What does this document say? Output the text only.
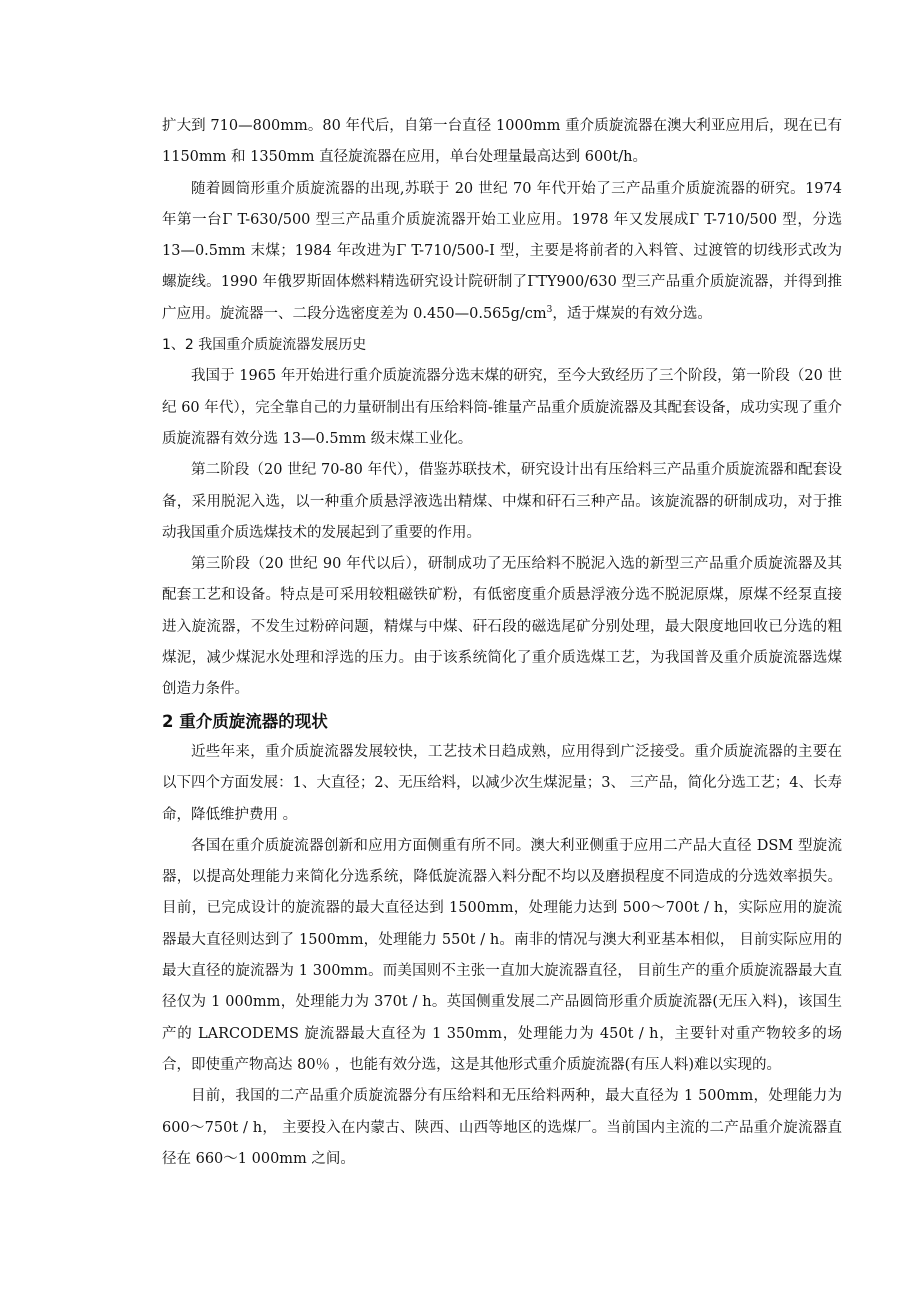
扩大到 710—800mm。80 年代后，自第一台直径 1000mm 重介质旋流器在澳大利亚应用后，现在已有 1150mm 和 1350mm 直径旋流器在应用，单台处理量最高达到 600t/h。

随着圆筒形重介质旋流器的出现,苏联于 20 世纪 70 年代开始了三产品重介质旋流器的研究。1974 年第一台Γ T-630/500 型三产品重介质旋流器开始工业应用。1978 年又发展成Γ T-710/500 型，分选 13—0.5mm 末煤；1984 年改进为Γ T-710/500-I 型，主要是将前者的入料管、过渡管的切线形式改为螺旋线。1990 年俄罗斯固体燃料精选研究设计院研制了ΓTY900/630 型三产品重介质旋流器，并得到推广应用。旋流器一、二段分选密度差为 $0.450—0.565g/cm^3$，适于煤炭的有效分选。

1、2 我国重介质旋流器发展历史

我国于 1965 年开始进行重介质旋流器分选末煤的研究，至今大致经历了三个阶段，第一阶段（20 世纪 60 年代），完全靠自己的力量研制出有压给料筒-锥量产品重介质旋流器及其配套设备，成功实现了重介质旋流器有效分选 13—0.5mm 级末煤工业化。

第二阶段（20 世纪 70-80 年代），借鉴苏联技术，研究设计出有压给料三产品重介质旋流器和配套设备，采用脱泥入选，以一种重介质悬浮液选出精煤、中煤和矸石三种产品。该旋流器的研制成功，对于推动我国重介质选煤技术的发展起到了重要的作用。

第三阶段（20 世纪 90 年代以后），研制成功了无压给料不脱泥入选的新型三产品重介质旋流器及其配套工艺和设备。特点是可采用较粗磁铁矿粉，有低密度重介质悬浮液分选不脱泥原煤，原煤不经泵直接进入旋流器，不发生过粉碎问题，精煤与中煤、矸石段的磁选尾矿分别处理，最大限度地回收已分选的粗煤泥，减少煤泥水处理和浮选的压力。由于该系统简化了重介质选煤工艺，为我国普及重介质旋流器选煤创造力条件。

2 重介质旋流器的现状

近些年来，重介质旋流器发展较快，工艺技术日趋成熟，应用得到广泛接受。重介质旋流器的主要在以下四个方面发展：1、大直径；2、无压给料，以减少次生煤泥量；3、 三产品，简化分选工艺；4、长寿命，降低维护费用 。

各国在重介质旋流器创新和应用方面侧重有所不同。澳大利亚侧重于应用二产品大直径 DSM 型旋流器，以提高处理能力来简化分选系统，降低旋流器入料分配不均以及磨损程度不同造成的分选效率损失。目前，已完成设计的旋流器的最大直径达到 1500mm，处理能力达到 500～700t / h，实际应用的旋流器最大直径则达到了 1500mm，处理能力 550t / h。南非的情况与澳大利亚基本相似， 目前实际应用的最大直径的旋流器为 1 300mm。而美国则不主张一直加大旋流器直径， 目前生产的重介质旋流器最大直径仅为 1 000mm，处理能力为 370t / h。英国侧重发展二产品圆筒形重介质旋流器(无压入料)，该国生产的 LARCODEMS 旋流器最大直径为 1 350mm，处理能力为 450t / h，主要针对重产物较多的场合，即使重产物高达 80％ ，也能有效分选，这是其他形式重介质旋流器(有压人料)难以实现的。

目前，我国的二产品重介质旋流器分有压给料和无压给料两种，最大直径为 1 500mm，处理能力为 600～750t / h， 主要投入在内蒙古、陕西、山西等地区的选煤厂。当前国内主流的二产品重介旋流器直径在 660～1 000mm 之间。
